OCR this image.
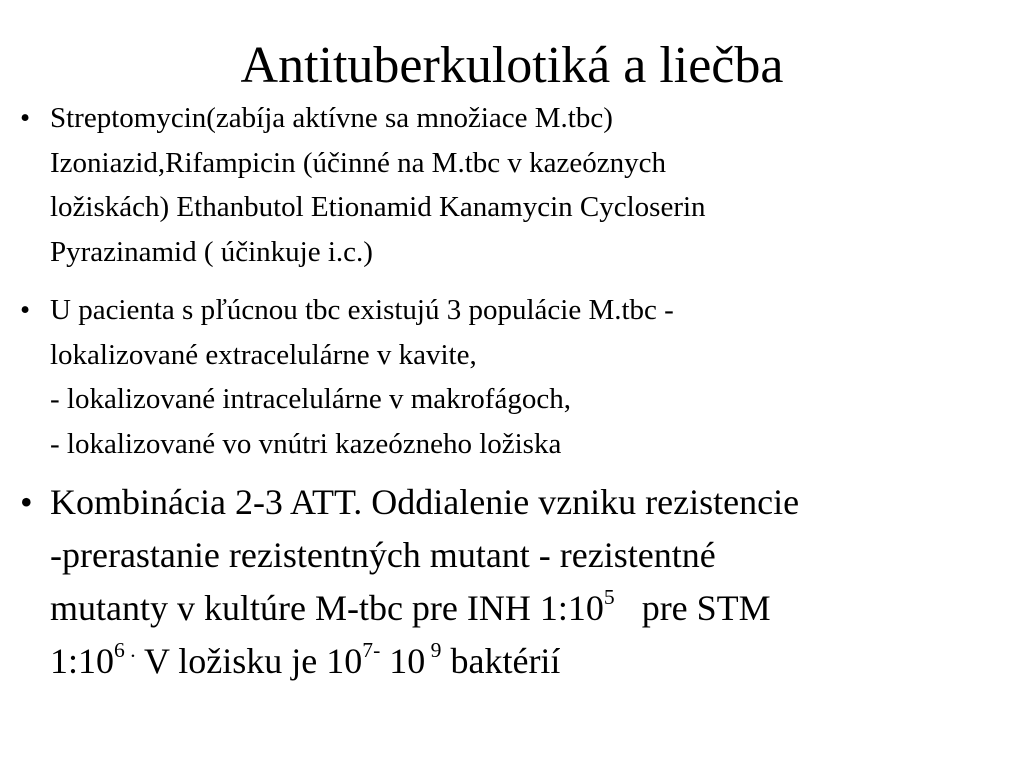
Antituberkulotiká a liečba
• Streptomycin(zabíja aktívne sa množiace M.tbc)
Izoniazid,Rifampicin (účinné na M.tbc v kazeóznych
ložiskách) Ethanbutol Etionamid Kanamycin Cycloserin
Pyrazinamid ( účinkuje i.c.)
• U pacienta s pľúcnou tbc existujú 3 populácie M.tbc -
lokalizované extracelulárne v kavite,
- lokalizované intracelulárne v makrofágoch,
- lokalizované vo vnútri kazeózneho ložiska
• Kombinácia 2-3 ATT. Oddialenie vzniku rezistencie
-prerastanie rezistentných mutant - rezistentné
mutanty v kultúre M-tbc pre INH $1:10^5$   pre STM
$1:10^{6 .}$ V ložisku je $10^{7-}$ 10 $^9$ baktérií
